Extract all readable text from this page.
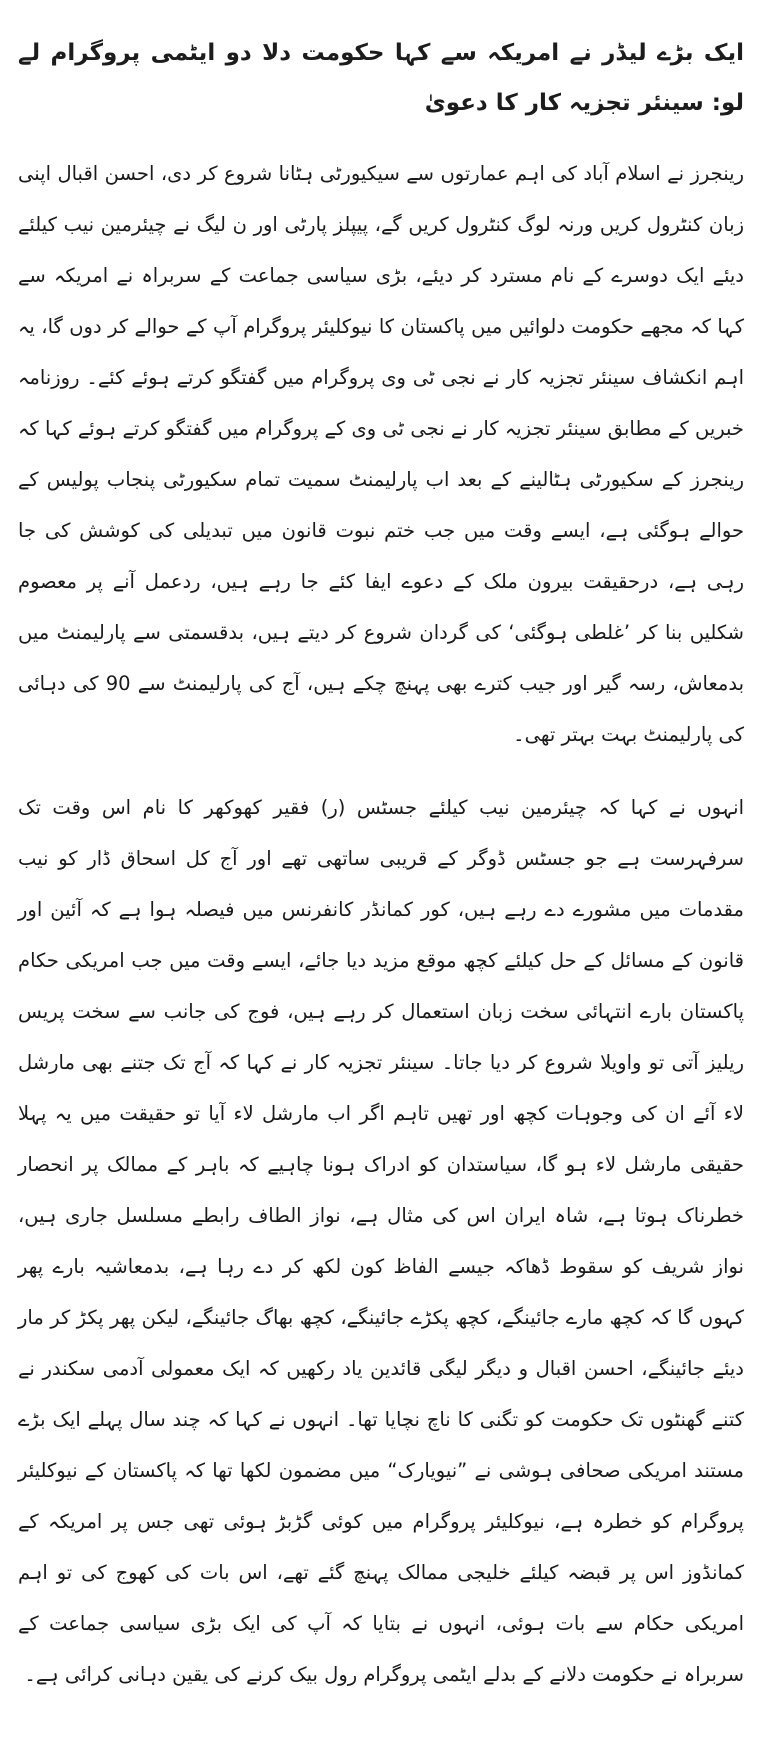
ایک بڑے لیڈر نے امریکہ سے کہا حکومت دلا دو ایٹمی پروگرام لے لو: سینئر تجزیہ کار کا دعویٰ

رینجرز نے اسلام آباد کی اہم عمارتوں سے سیکیورٹی ہٹانا شروع کر دی، احسن اقبال اپنی زبان کنٹرول کریں ورنہ لوگ کنٹرول کریں گے، پیپلز پارٹی اور ن لیگ نے چیئرمین نیب کیلئے دیئے ایک دوسرے کے نام مسترد کر دیئے، بڑی سیاسی جماعت کے سربراہ نے امریکہ سے کہا کہ مجھے حکومت دلوائیں میں پاکستان کا نیوکلیئر پروگرام آپ کے حوالے کر دوں گا، یہ اہم انکشاف سینئر تجزیہ کار نے نجی ٹی وی پروگرام میں گفتگو کرتے ہوئے کئے۔ روزنامہ خبریں کے مطابق سینئر تجزیہ کار نے نجی ٹی وی کے پروگرام میں گفتگو کرتے ہوئے کہا کہ رینجرز کے سکیورٹی ہٹالینے کے بعد اب پارلیمنٹ سمیت تمام سکیورٹی پنجاب پولیس کے حوالے ہوگئی ہے، ایسے وقت میں جب ختم نبوت قانون میں تبدیلی کی کوشش کی جا رہی ہے، درحقیقت بیرون ملک کے دعوے ایفا کئے جا رہے ہیں، ردعمل آنے پر معصوم شکلیں بنا کر ’غلطی ہوگئی‘ کی گردان شروع کر دیتے ہیں، بدقسمتی سے پارلیمنٹ میں بدمعاش، رسہ گیر اور جیب کترے بھی پہنچ چکے ہیں، آج کی پارلیمنٹ سے 90 کی دہائی کی پارلیمنٹ بہت بہتر تھی۔

انہوں نے کہا کہ چیئرمین نیب کیلئے جسٹس (ر) فقیر کھوکھر کا نام اس وقت تک سرفہرست ہے جو جسٹس ڈوگر کے قریبی ساتھی تھے اور آج کل اسحاق ڈار کو نیب مقدمات میں مشورے دے رہے ہیں، کور کمانڈر کانفرنس میں فیصلہ ہوا ہے کہ آئین اور قانون کے مسائل کے حل کیلئے کچھ موقع مزید دیا جائے، ایسے وقت میں جب امریکی حکام پاکستان بارے انتہائی سخت زبان استعمال کر رہے ہیں، فوج کی جانب سے سخت پریس ریلیز آتی تو واویلا شروع کر دیا جاتا۔ سینئر تجزیہ کار نے کہا کہ آج تک جتنے بھی مارشل لاء آئے ان کی وجوہات کچھ اور تھیں تاہم اگر اب مارشل لاء آیا تو حقیقت میں یہ پہلا حقیقی مارشل لاء ہو گا، سیاستدان کو ادراک ہونا چاہیے کہ باہر کے ممالک پر انحصار خطرناک ہوتا ہے، شاہ ایران اس کی مثال ہے، نواز الطاف رابطے مسلسل جاری ہیں، نواز شریف کو سقوط ڈھاکہ جیسے الفاظ کون لکھ کر دے رہا ہے، بدمعاشیہ بارے پھر کہوں گا کہ کچھ مارے جائینگے، کچھ پکڑے جائینگے، کچھ بھاگ جائینگے، لیکن پھر پکڑ کر مار دیئے جائینگے، احسن اقبال و دیگر لیگی قائدین یاد رکھیں کہ ایک معمولی آدمی سکندر نے کتنے گھنٹوں تک حکومت کو تگنی کا ناچ نچایا تھا۔ انہوں نے کہا کہ چند سال پہلے ایک بڑے مستند امریکی صحافی ہوشی نے ”نیویارک“ میں مضمون لکھا تھا کہ پاکستان کے نیوکلیئر پروگرام کو خطرہ ہے، نیوکلیئر پروگرام میں کوئی گڑبڑ ہوئی تھی جس پر امریکہ کے کمانڈوز اس پر قبضہ کیلئے خلیجی ممالک پہنچ گئے تھے، اس بات کی کھوج کی تو اہم امریکی حکام سے بات ہوئی، انہوں نے بتایا کہ آپ کی ایک بڑی سیاسی جماعت کے سربراہ نے حکومت دلانے کے بدلے ایٹمی پروگرام رول بیک کرنے کی یقین دہانی کرائی ہے۔
